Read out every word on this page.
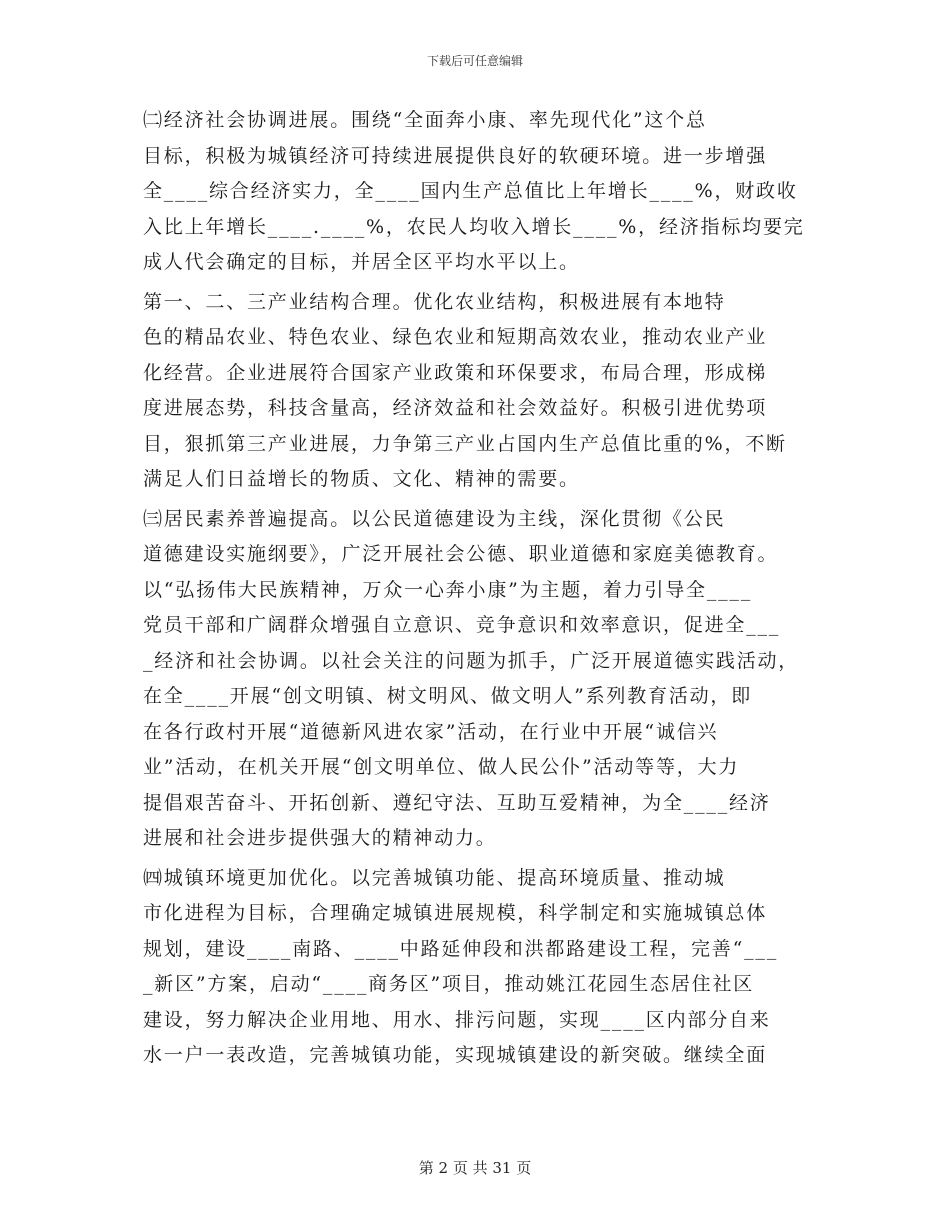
下载后可任意编辑

㈡经济社会协调进展。围绕“全面奔小康、率先现代化”这个总
目标，积极为城镇经济可持续进展提供良好的软硬环境。进一步增强
全____综合经济实力，全____国内生产总值比上年增长____%，财政收
入比上年增长____.____%，农民人均收入增长____%，经济指标均要完
成人代会确定的目标，并居全区平均水平以上。

第一、二、三产业结构合理。优化农业结构，积极进展有本地特
色的精品农业、特色农业、绿色农业和短期高效农业，推动农业产业
化经营。企业进展符合国家产业政策和环保要求，布局合理，形成梯
度进展态势，科技含量高，经济效益和社会效益好。积极引进优势项
目，狠抓第三产业进展，力争第三产业占国内生产总值比重的%，不断
满足人们日益增长的物质、文化、精神的需要。

㈢居民素养普遍提高。以公民道德建设为主线，深化贯彻《公民
道德建设实施纲要》，广泛开展社会公德、职业道德和家庭美德教育。
以“弘扬伟大民族精神，万众一心奔小康”为主题，着力引导全____
党员干部和广阔群众增强自立意识、竞争意识和效率意识，促进全___
_经济和社会协调。以社会关注的问题为抓手，广泛开展道德实践活动，
在全____开展“创文明镇、树文明风、做文明人”系列教育活动，即
在各行政村开展“道德新风进农家”活动，在行业中开展“诚信兴
业”活动，在机关开展“创文明单位、做人民公仆”活动等等，大力
提倡艰苦奋斗、开拓创新、遵纪守法、互助互爱精神，为全____经济
进展和社会进步提供强大的精神动力。

㈣城镇环境更加优化。以完善城镇功能、提高环境质量、推动城
市化进程为目标，合理确定城镇进展规模，科学制定和实施城镇总体
规划，建设____南路、____中路延伸段和洪都路建设工程，完善“___
_新区”方案，启动“____商务区”项目，推动姚江花园生态居住社区
建设，努力解决企业用地、用水、排污问题，实现____区内部分自来
水一户一表改造，完善城镇功能，实现城镇建设的新突破。继续全面

第 2 页 共 31 页
